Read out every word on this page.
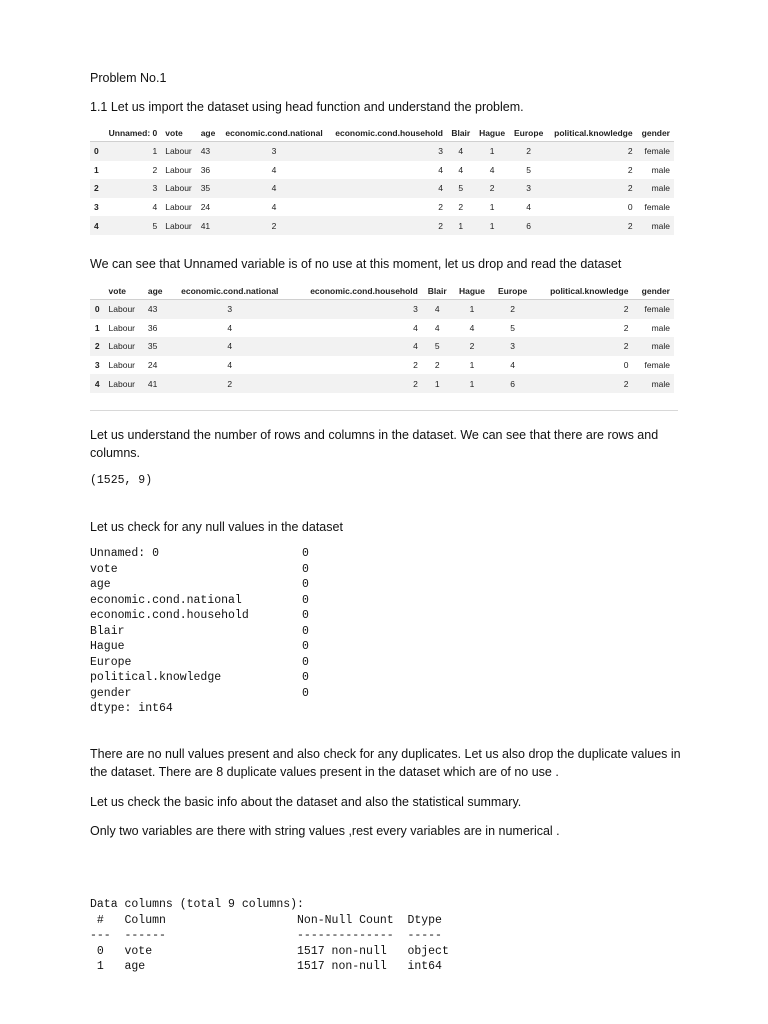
Problem No.1
1.1 Let us import the dataset using head function and understand the problem.
	Unnamed: 0	vote	age	economic.cond.national	economic.cond.household	Blair	Hague	Europe	political.knowledge	gender
0	1	Labour	43	3	3	4	1	2	2	female
1	2	Labour	36	4	4	4	4	5	2	male
2	3	Labour	35	4	4	5	2	3	2	male
3	4	Labour	24	4	2	2	1	4	0	female
4	5	Labour	41	2	2	1	1	6	2	male
We can see that Unnamed variable is of no use at this moment, let us drop and read the dataset
	vote	age	economic.cond.national	economic.cond.household	Blair	Hague	Europe	political.knowledge	gender
0	Labour	43	3	3	4	1	2	2	female
1	Labour	36	4	4	4	4	5	2	male
2	Labour	35	4	4	5	2	3	2	male
3	Labour	24	4	2	2	1	4	0	female
4	Labour	41	2	2	1	1	6	2	male
Let us understand the number of rows and columns in the dataset. We can see that there are rows and columns.
(1525, 9)
Let us check for any null values in the dataset
Unnamed: 0	0
vote	0
age	0
economic.cond.national	0
economic.cond.household	0
Blair	0
Hague	0
Europe	0
political.knowledge	0
gender	0
dtype: int64
There are no null values present and also check for any duplicates. Let us also drop the duplicate values in the dataset. There are 8 duplicate values present in the dataset which are of no use .
Let us check the basic info about the dataset and also the statistical summary.
Only two variables are there with string values ,rest every variables are in numerical .
Data columns (total 9 columns):
#   Column                   Non-Null Count  Dtype
---  ------                   --------------  -----
0   vote                     1517 non-null   object
1   age                      1517 non-null   int64
